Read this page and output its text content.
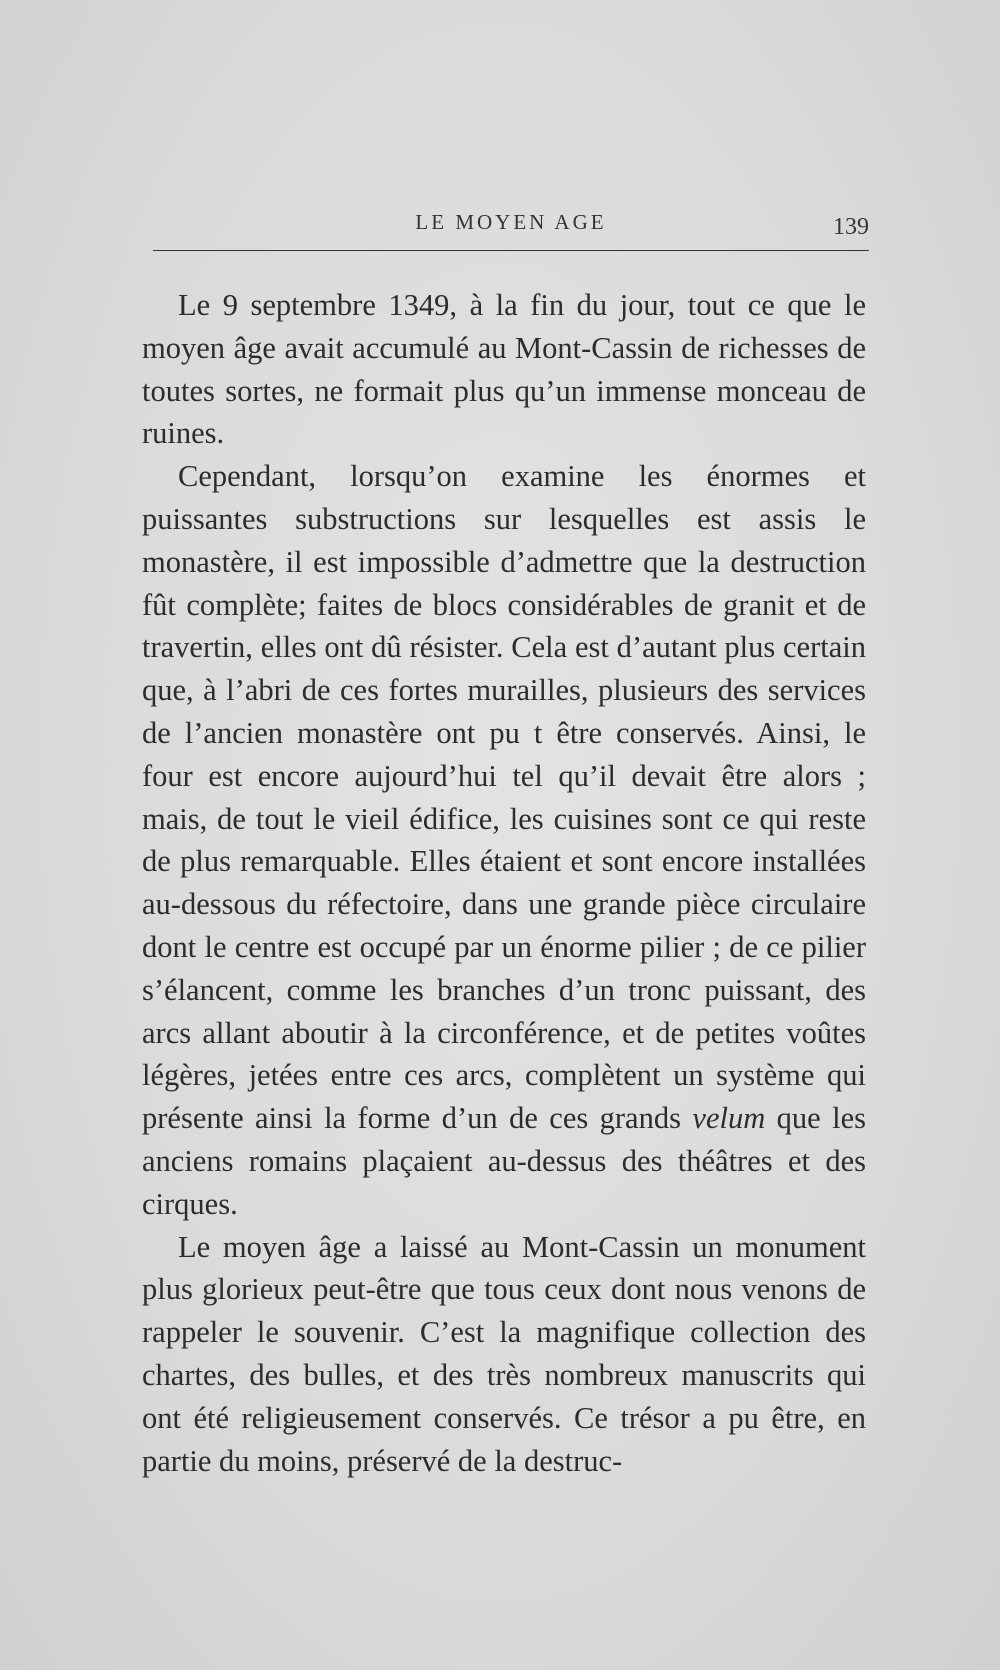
LE MOYEN AGE	139

Le 9 septembre 1349, à la fin du jour, tout ce que le moyen âge avait accumulé au Mont-Cassin de richesses de toutes sortes, ne formait plus qu’un immense monceau de ruines.

Cependant, lorsqu’on examine les énormes et puissantes substructions sur lesquelles est assis le monastère, il est impossible d’admettre que la destruction fût complète; faites de blocs considérables de granit et de travertin, elles ont dû résister. Cela est d’autant plus certain que, à l’abri de ces fortes murailles, plusieurs des services de l’ancien monastère ont pu t être conservés. Ainsi, le four est encore aujourd’hui tel qu’il devait être alors ; mais, de tout le vieil édifice, les cuisines sont ce qui reste de plus remarquable. Elles étaient et sont encore installées au-dessous du réfectoire, dans une grande pièce circulaire dont le centre est occupé par un énorme pilier ; de ce pilier s’élancent, comme les branches d’un tronc puissant, des arcs allant aboutir à la circonférence, et de petites voûtes légères, jetées entre ces arcs, complètent un système qui présente ainsi la forme d’un de ces grands velum que les anciens romains plaçaient au-dessus des théâtres et des cirques.

Le moyen âge a laissé au Mont-Cassin un monument plus glorieux peut-être que tous ceux dont nous venons de rappeler le souvenir. C’est la magnifique collection des chartes, des bulles, et des très nombreux manuscrits qui ont été religieusement conservés. Ce trésor a pu être, en partie du moins, préservé de la destruc-
